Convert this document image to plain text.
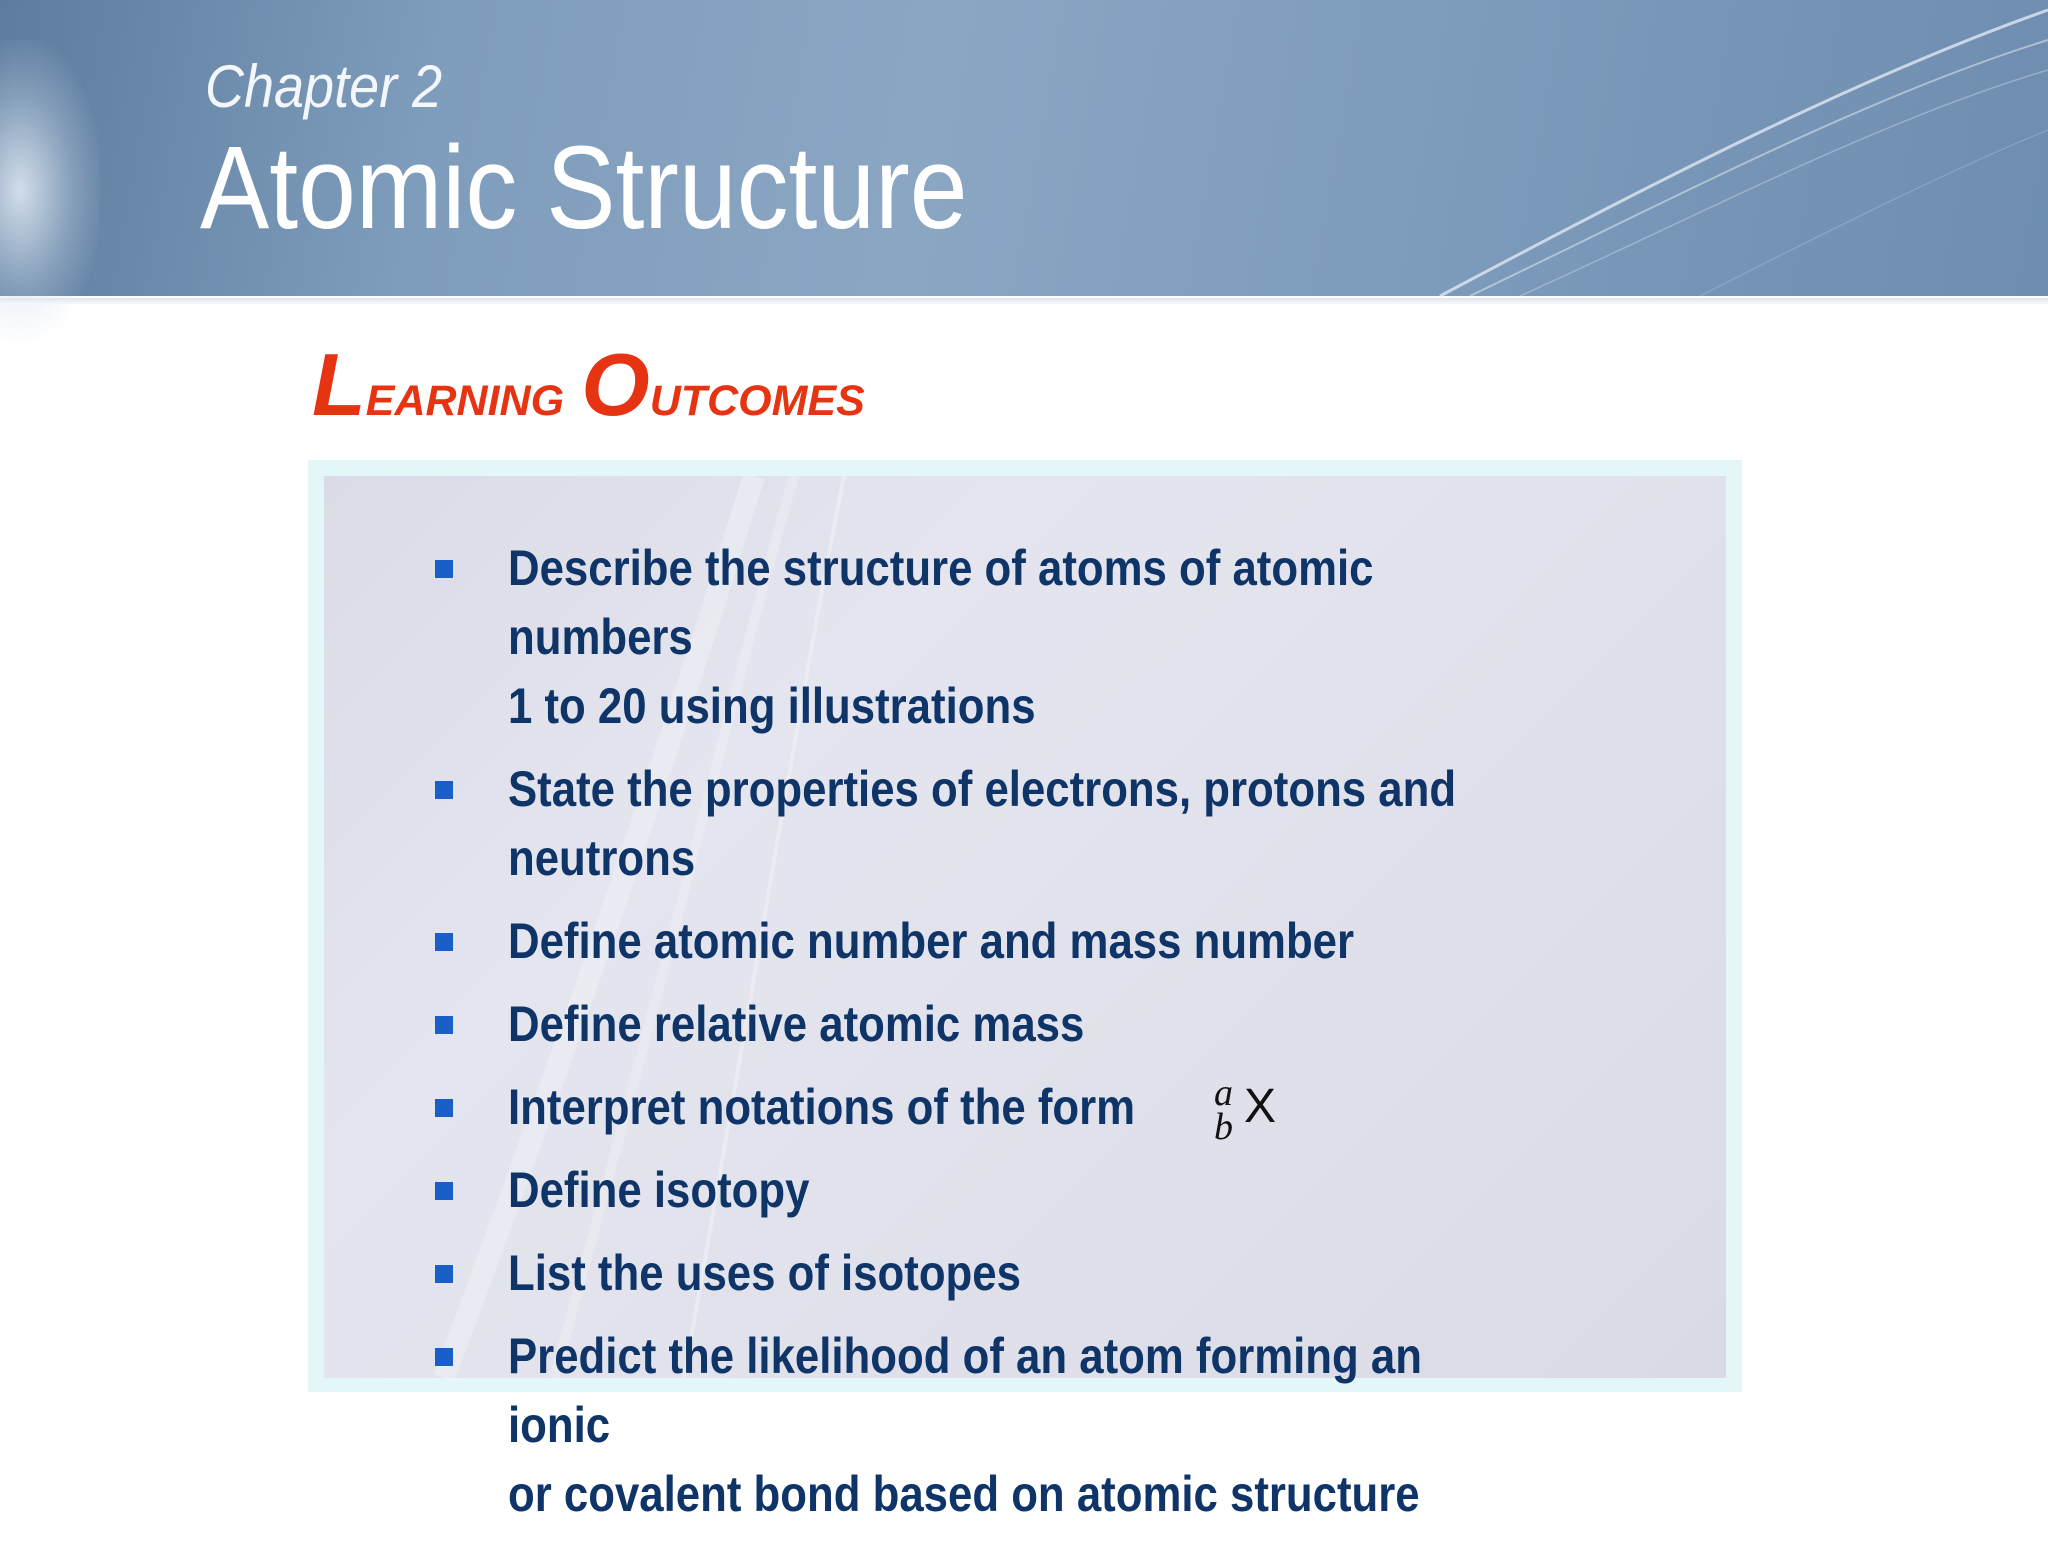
Chapter 2
Atomic Structure
Learning Outcomes
Describe the structure of atoms of atomic numbers
1 to 20 using illustrations
State the properties of electrons, protons and
neutrons
Define atomic number and mass number
Define relative atomic mass
Interpret notations of the form	a
b X
Define isotopy
List the uses of isotopes
Predict the likelihood of an atom forming an ionic
or covalent bond based on atomic structure
